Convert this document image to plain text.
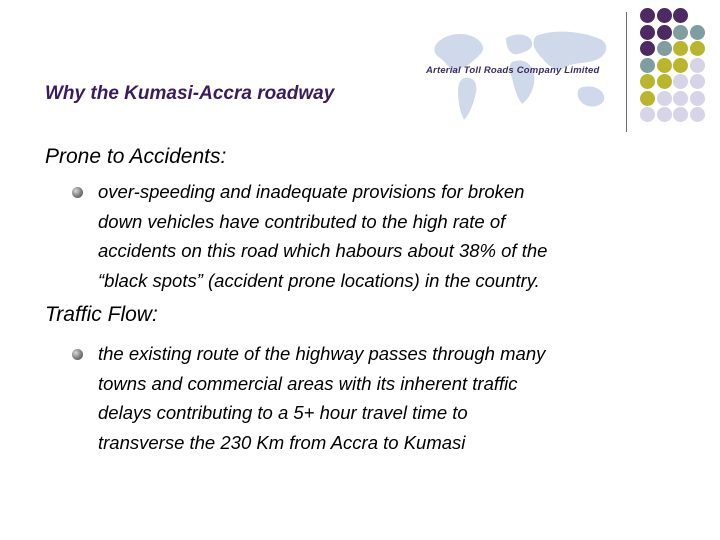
Arterial Toll Roads Company Limited
Why the Kumasi-Accra roadway
Prone to Accidents:
over-speeding and inadequate provisions for broken
down vehicles have contributed to the high rate of
accidents on this road which habours about 38% of the
“black spots” (accident prone locations) in the country.
Traffic Flow:
the existing route of the highway passes through many
towns and commercial areas with its inherent traffic
delays contributing to a 5+ hour travel time to
transverse the 230 Km from Accra to Kumasi
